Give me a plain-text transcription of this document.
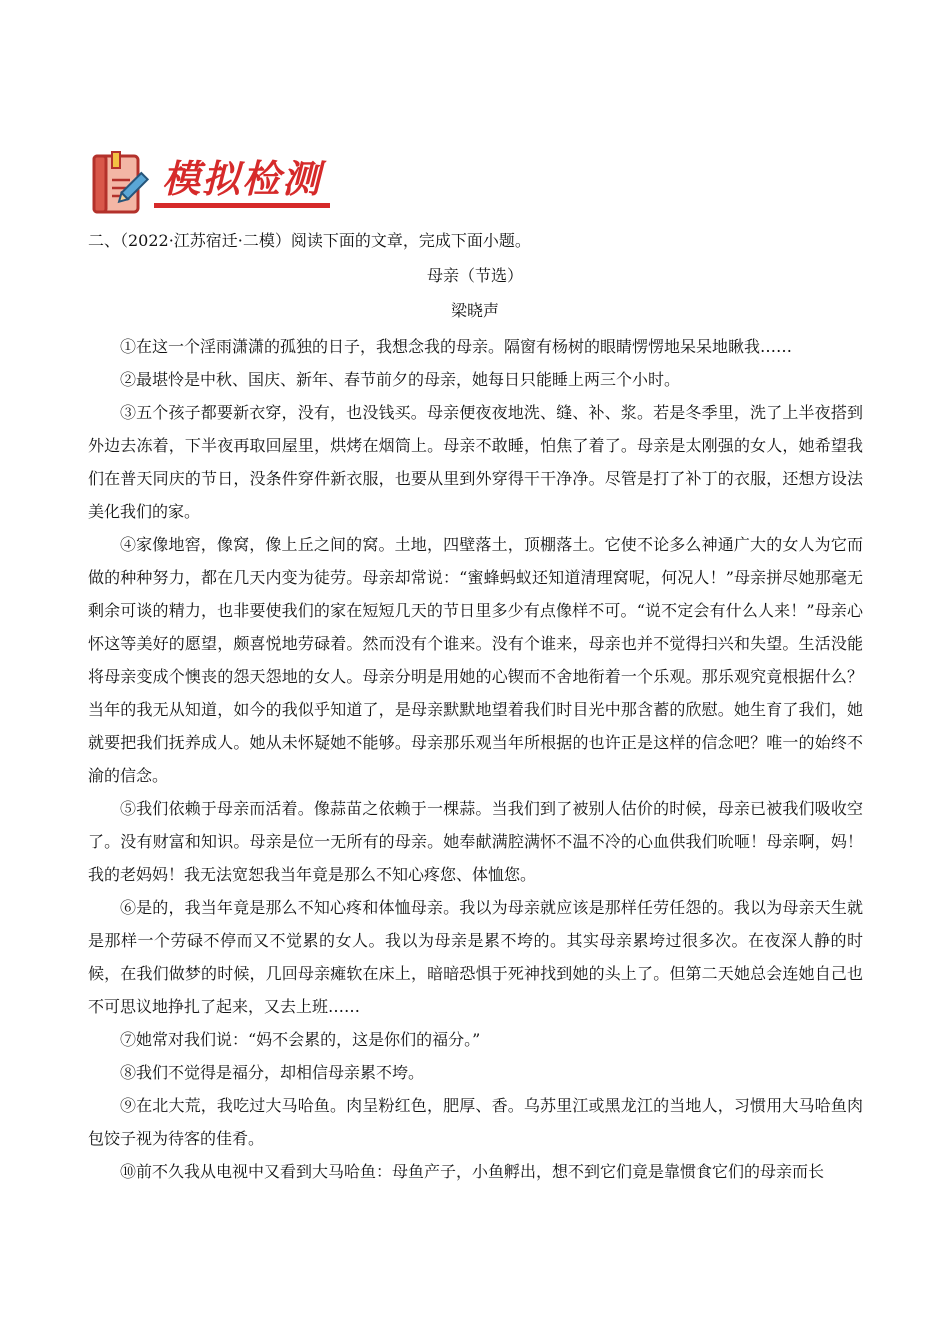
模拟检测
二、（2022·江苏宿迁·二模）阅读下面的文章，完成下面小题。
母亲（节选）
梁晓声

①在这一个淫雨潇潇的孤独的日子，我想念我的母亲。隔窗有杨树的眼睛愣愣地呆呆地瞅我……

②最堪怜是中秋、国庆、新年、春节前夕的母亲，她每日只能睡上两三个小时。

③五个孩子都要新衣穿，没有，也没钱买。母亲便夜夜地洗、缝、补、浆。若是冬季里，洗了上半夜搭到外边去冻着，下半夜再取回屋里，烘烤在烟筒上。母亲不敢睡，怕焦了着了。母亲是太刚强的女人，她希望我们在普天同庆的节日，没条件穿件新衣服，也要从里到外穿得干干净净。尽管是打了补丁的衣服，还想方设法美化我们的家。

④家像地窖，像窝，像上丘之间的窝。土地，四壁落土，顶棚落土。它使不论多么神通广大的女人为它而做的种种努力，都在几天内变为徒劳。母亲却常说：“蜜蜂蚂蚁还知道清理窝呢，何况人！”母亲拼尽她那毫无剩余可谈的精力，也非要使我们的家在短短几天的节日里多少有点像样不可。“说不定会有什么人来！”母亲心怀这等美好的愿望，颇喜悦地劳碌着。然而没有个谁来。没有个谁来，母亲也并不觉得扫兴和失望。生活没能将母亲变成个懊丧的怨天怨地的女人。母亲分明是用她的心锲而不舍地衔着一个乐观。那乐观究竟根据什么？当年的我无从知道，如今的我似乎知道了，是母亲默默地望着我们时目光中那含蓄的欣慰。她生育了我们，她就要把我们抚养成人。她从未怀疑她不能够。母亲那乐观当年所根据的也许正是这样的信念吧？唯一的始终不渝的信念。

⑤我们依赖于母亲而活着。像蒜苗之依赖于一棵蒜。当我们到了被别人估价的时候，母亲已被我们吸收空了。没有财富和知识。母亲是位一无所有的母亲。她奉献满腔满怀不温不冷的心血供我们吮咂！母亲啊，妈！我的老妈妈！我无法宽恕我当年竟是那么不知心疼您、体恤您。

⑥是的，我当年竟是那么不知心疼和体恤母亲。我以为母亲就应该是那样任劳任怨的。我以为母亲天生就是那样一个劳碌不停而又不觉累的女人。我以为母亲是累不垮的。其实母亲累垮过很多次。在夜深人静的时候，在我们做梦的时候，几回母亲瘫软在床上，暗暗恐惧于死神找到她的头上了。但第二天她总会连她自己也不可思议地挣扎了起来，又去上班……

⑦她常对我们说：“妈不会累的，这是你们的福分。”

⑧我们不觉得是福分，却相信母亲累不垮。

⑨在北大荒，我吃过大马哈鱼。肉呈粉红色，肥厚、香。乌苏里江或黑龙江的当地人，习惯用大马哈鱼肉包饺子视为待客的佳肴。

⑩前不久我从电视中又看到大马哈鱼：母鱼产子，小鱼孵出，想不到它们竟是靠惯食它们的母亲而长
